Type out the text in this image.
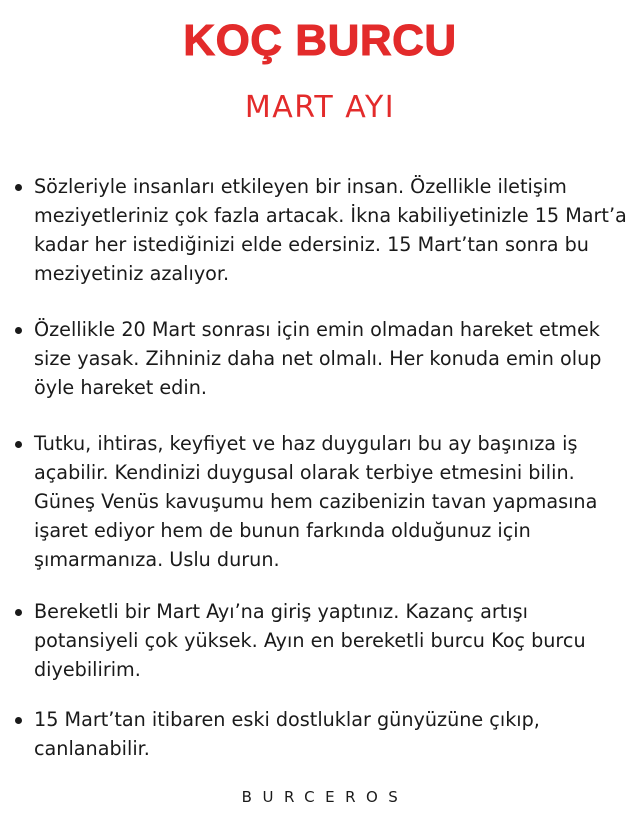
KOÇ BURCU
MART AYI
Sözleriyle insanları etkileyen bir insan. Özellikle iletişim meziyetleriniz çok fazla artacak. İkna kabiliyetinizle 15 Mart’a kadar her istediğinizi elde edersiniz. 15 Mart’tan sonra bu meziyetiniz azalıyor.
Özellikle 20 Mart sonrası için emin olmadan hareket etmek size yasak. Zihniniz daha net olmalı. Her konuda emin olup öyle hareket edin.
Tutku, ihtiras, keyfiyet ve haz duyguları bu ay başınıza iş açabilir. Kendinizi duygusal olarak terbiye etmesini bilin. Güneş Venüs kavuşumu hem cazibenizin tavan yapmasına işaret ediyor hem de bunun farkında olduğunuz için şımarmanıza. Uslu durun.
Bereketli bir Mart Ayı’na giriş yaptınız. Kazanç artışı potansiyeli çok yüksek. Ayın en bereketli burcu Koç burcu diyebilirim.
15 Mart’tan itibaren eski dostluklar günyüzüne çıkıp, canlanabilir.
BURCEROS
